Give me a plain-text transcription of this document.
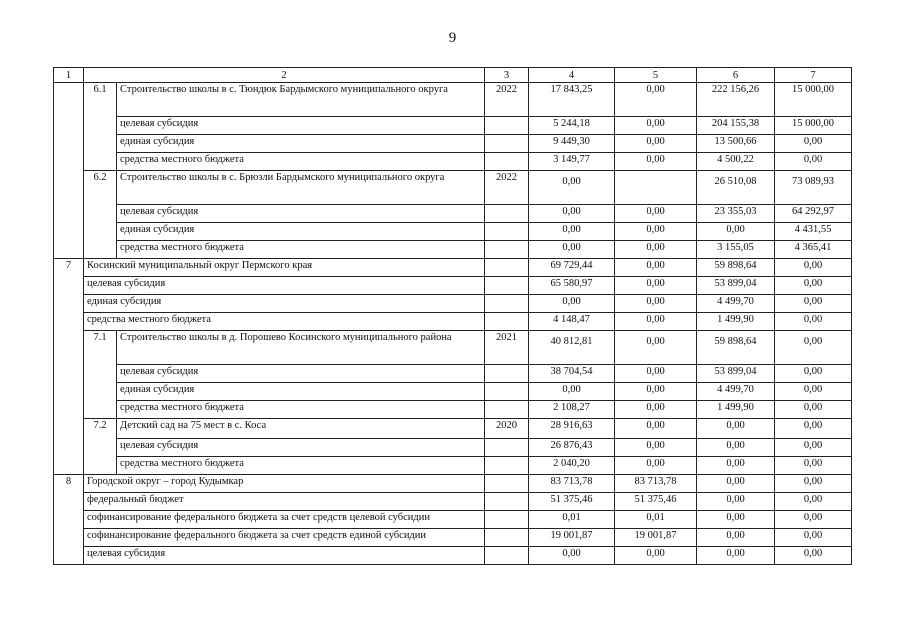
9
1	2		3	4	5	6	7
	6.1	Строительство школы в с. Тюндюк Бардымского муниципального округа	2022	17 843,25	0,00	222 156,26	15 000,00
		целевая субсидия		5 244,18	0,00	204 155,38	15 000,00
		единая субсидия		9 449,30	0,00	13 500,66	0,00
		средства местного бюджета		3 149,77	0,00	4 500,22	0,00
	6.2	Строительство школы в с. Брюзли Бардымского муниципального округа	2022	0,00		26 510,08	73 089,93
		целевая субсидия		0,00	0,00	23 355,03	64 292,97
		единая субсидия		0,00	0,00	0,00	4 431,55
		средства местного бюджета		0,00	0,00	3 155,05	4 365,41
7	Косинский муниципальный округ Пермского края			69 729,44	0,00	59 898,64	0,00
	целевая субсидия			65 580,97	0,00	53 899,04	0,00
	единая субсидия			0,00	0,00	4 499,70	0,00
	средства местного бюджета			4 148,47	0,00	1 499,90	0,00
	7.1	Строительство школы в д. Порошево Косинского муниципального района	2021	40 812,81	0,00	59 898,64	0,00
		целевая субсидия		38 704,54	0,00	53 899,04	0,00
		единая субсидия		0,00	0,00	4 499,70	0,00
		средства местного бюджета		2 108,27	0,00	1 499,90	0,00
	7.2	Детский сад на 75 мест в с. Коса	2020	28 916,63	0,00	0,00	0,00
		целевая субсидия		26 876,43	0,00	0,00	0,00
		средства местного бюджета		2 040,20	0,00	0,00	0,00
8	Городской округ – город Кудымкар			83 713,78	83 713,78	0,00	0,00
	федеральный бюджет			51 375,46	51 375,46	0,00	0,00
	софинансирование федерального бюджета за счет средств целевой субсидии			0,01	0,01	0,00	0,00
	софинансирование федерального бюджета за счет средств единой субсидии			19 001,87	19 001,87	0,00	0,00
	целевая субсидия			0,00	0,00	0,00	0,00
